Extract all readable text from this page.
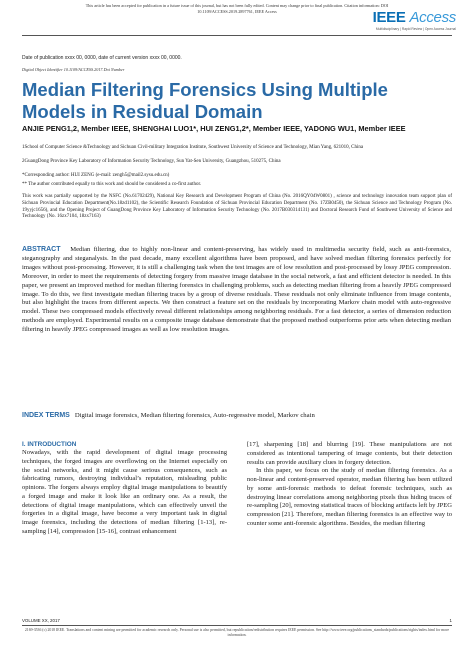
This article has been accepted for publication in a future issue of this journal, but has not been fully edited. Content may change prior to final publication. Citation information: DOI
10.1109/ACCESS.2019.2897761, IEEE Access	IEEE Access
Multidisciplinary | Rapid Review | Open Access Journal
Date of publication xxxx 00, 0000, date of current version xxxx 00, 0000.
Digital Object Identifier 10.1109/ACCESS.2017.Doi Number
Median Filtering Forensics Using Multiple Models in Residual Domain
ANJIE PENG1,2, Member IEEE, SHENGHAI LUO1*, HUI ZENG1,2*, Member IEEE, YADONG WU1, Member IEEE
1School of Computer Science &Technology and Sichuan Civil-military Integration Institute, Southwest University of Science and Technology, Mian Yang, 621010, China
2GuangDong Province Key Laboratory of Information Security Technology, Sun Yat-Sen University, Guangzhou, 510275, China
*Corresponding author: HUI ZENG (e-mail: zengh5@mail2.sysu.edu.cn)
** The author contributed equally to this work and should be considered a co-first author.
This work was partially supported by the NSFC (No.61702429), National Key Research and Development Program of China (No. 2016QY04W0801) , science and technology innovation team support plan of Sichuan Provincial Education Department(No.18zd1102), the Scientific Research Foundation of Sichuan Provincial Education Department (No. 17ZB0450), the Sichuan Science and Technology Program (No. 19yyjc1656), and the Opening Project of GuangDong Province Key Laboratory of Information Security Technology (No. 2017B030314131) and Doctoral Research Fund of Southwest University of Science and Technology (No. 16zx7104, 18zx7163)
ABSTRACT Median filtering, due to highly non-linear and content-preserving, has widely used in multimedia security field, such as anti-forensics, steganography and steganalysis. In the past decade, many excellent algorithms have been proposed, and have solved median filtering forensics perfectly for images without post-processing. However, it is still a challenging task when the test images are of low resolution and post-processed by lossy JPEG compression. Moreover, in order to meet the requirements of detecting forgery from massive image database in the social network, a fast and efficient detector is needed. In this paper, we present an improved method for median filtering forensics in challenging problems, such as detecting median filtering from a heavily JPEG compressed image. To do this, we first investigate median filtering traces by a group of diverse residuals. These residuals not only eliminate influence from image contents, but also highlight the traces from different aspects. We then construct a feature set on the residuals by incorporating Markov chain model with auto-regressive model. These two compressed models effectively reveal different relationships among neighboring residuals. For a fast detector, a series of dimension reduction methods are employed. Experimental results on a composite image database demonstrate that the proposed method outperforms prior arts when detecting median filtering in heavily JPEG compressed images as well as low resolution images.
INDEX TERMS Digital image forensics, Median filtering forensics, Auto-regressive model, Markov chain
I. INTRODUCTION

Nowadays, with the rapid development of digital image processing techniques, the forged images are overflowing on the Internet especially on the social networks, and it might cause serious consequences, such as fabricating rumors, destroying individual’s reputation, misleading public opinions. The forgers always employ digital image manipulations to beautify a forged image and make it look like an ordinary one. As a result, the detections of digital image manipulations, which can effectively unveil the forgeries in a digital image, have become a very important task in digital image forensics, including the detections of median filtering [1-13], re-sampling [14], compression [15-16], contrast enhancement

[17], sharpening [18] and blurring [19]. These manipulations are not considered as intentional tampering of image contents, but their detection results can provide auxiliary clues in forgery detection.

In this paper, we focus on the study of median filtering forensics. As a non-linear and content-preserved operator, median filtering has been utilized by some anti-forensic methods to defeat forensic techniques, such as destroying linear correlations among neighboring pixels thus hiding traces of re-sampling [20], removing statistical traces of blocking artifacts left by JPEG compression [21]. Therefore, median filtering forensics is an effective way to counter some anti-forensic algorithms. Besides, the median filtering

VOLUME XX, 2017	1
2169-3536 (c) 2018 IEEE. Translations and content mining are permitted for academic research only. Personal use is also permitted, but republication/redistribution requires IEEE permission. See http://www.ieee.org/publications_standards/publications/rights/index.html for more information.
